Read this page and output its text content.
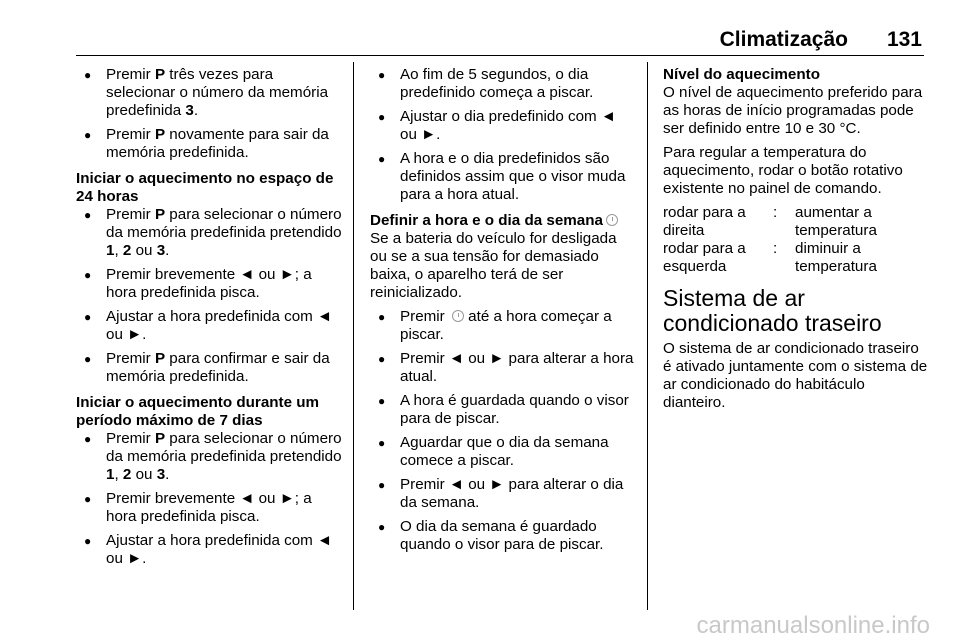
Climatização 131
● Premir P três vezes para selecionar o número da memória predefinida 3.
● Premir P novamente para sair da memória predefinida.
Iniciar o aquecimento no espaço de 24 horas
● Premir P para selecionar o número da memória predefinida pretendido 1, 2 ou 3.
● Premir brevemente ◄ ou ►; a hora predefinida pisca.
● Ajustar a hora predefinida com ◄ ou ►.
● Premir P para confirmar e sair da memória predefinida.
Iniciar o aquecimento durante um período máximo de 7 dias
● Premir P para selecionar o número da memória predefinida pretendido 1, 2 ou 3.
● Premir brevemente ◄ ou ►; a hora predefinida pisca.
● Ajustar a hora predefinida com ◄ ou ►.
● Ao fim de 5 segundos, o dia predefinido começa a piscar.
● Ajustar o dia predefinido com ◄ ou ►.
● A hora e o dia predefinidos são definidos assim que o visor muda para a hora atual.
Definir a hora e o dia da semana

Se a bateria do veículo for desligada ou se a sua tensão for demasiado baixa, o aparelho terá de ser reinicializado.

● Premir  até a hora começar a piscar.
● Premir ◄ ou ► para alterar a hora atual.
● A hora é guardada quando o visor para de piscar.
● Aguardar que o dia da semana comece a piscar.
● Premir ◄ ou ► para alterar o dia da semana.
● O dia da semana é guardado quando o visor para de piscar.
Nível do aquecimento

O nível de aquecimento preferido para as horas de início programadas pode ser definido entre 10 e 30 °C.

Para regular a temperatura do aquecimento, rodar o botão rotativo existente no painel de comando.

rodar para a direita
:	aumentar a temperatura
rodar para a esquerda
:	diminuir a temperatura
Sistema de ar condicionado traseiro

O sistema de ar condicionado traseiro é ativado juntamente com o sistema de ar condicionado do habitáculo dianteiro.

carmanualsonline.info
